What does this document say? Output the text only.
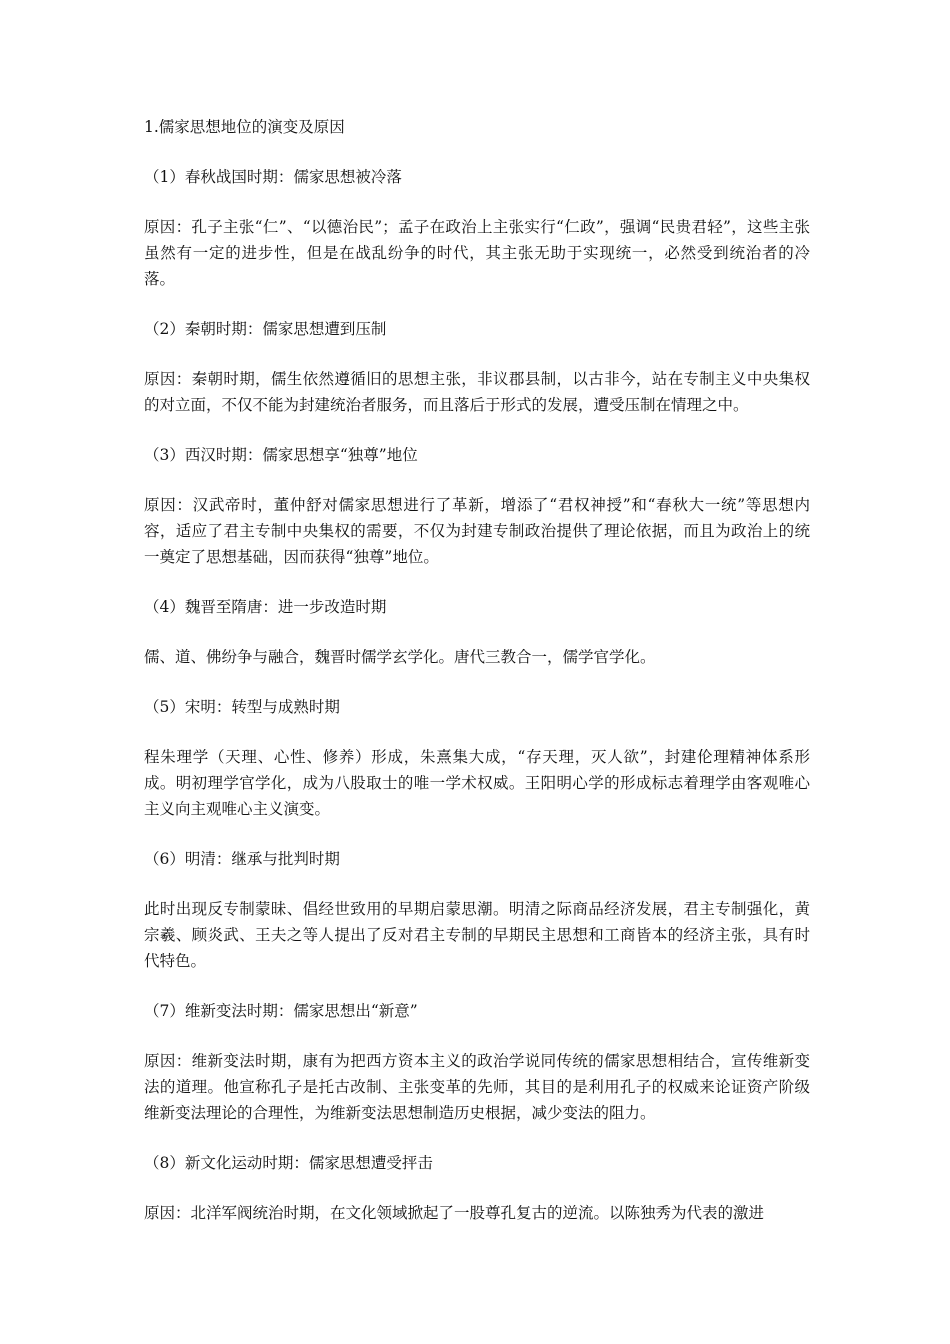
1.儒家思想地位的演变及原因
（1）春秋战国时期：儒家思想被冷落
原因：孔子主张“仁”、“以德治民”；孟子在政治上主张实行“仁政”，强调“民贵君轻”，这些主张虽然有一定的进步性，但是在战乱纷争的时代，其主张无助于实现统一，必然受到统治者的冷落。
（2）秦朝时期：儒家思想遭到压制
原因：秦朝时期，儒生依然遵循旧的思想主张，非议郡县制，以古非今，站在专制主义中央集权的对立面，不仅不能为封建统治者服务，而且落后于形式的发展，遭受压制在情理之中。
（3）西汉时期：儒家思想享“独尊”地位
原因：汉武帝时，董仲舒对儒家思想进行了革新，增添了“君权神授”和“春秋大一统”等思想内容，适应了君主专制中央集权的需要，不仅为封建专制政治提供了理论依据，而且为政治上的统一奠定了思想基础，因而获得“独尊”地位。
（4）魏晋至隋唐：进一步改造时期
儒、道、佛纷争与融合，魏晋时儒学玄学化。唐代三教合一，儒学官学化。
（5）宋明：转型与成熟时期
程朱理学（天理、心性、修养）形成，朱熹集大成，“存天理，灭人欲”，封建伦理精神体系形成。明初理学官学化，成为八股取士的唯一学术权威。王阳明心学的形成标志着理学由客观唯心主义向主观唯心主义演变。
（6）明清：继承与批判时期
此时出现反专制蒙昧、倡经世致用的早期启蒙思潮。明清之际商品经济发展，君主专制强化，黄宗羲、顾炎武、王夫之等人提出了反对君主专制的早期民主思想和工商皆本的经济主张，具有时代特色。
（7）维新变法时期：儒家思想出“新意”
原因：维新变法时期，康有为把西方资本主义的政治学说同传统的儒家思想相结合，宣传维新变法的道理。他宣称孔子是托古改制、主张变革的先师，其目的是利用孔子的权威来论证资产阶级维新变法理论的合理性，为维新变法思想制造历史根据，减少变法的阻力。
（8）新文化运动时期：儒家思想遭受抨击
原因：北洋军阀统治时期，在文化领域掀起了一股尊孔复古的逆流。以陈独秀为代表的激进
